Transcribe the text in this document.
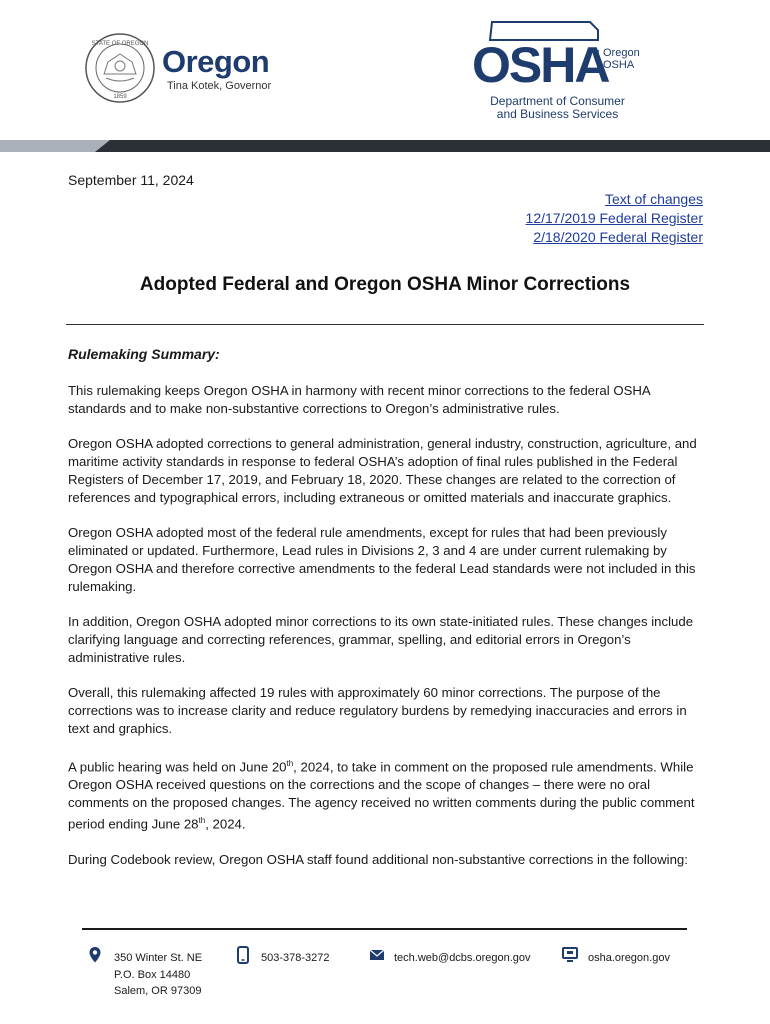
STATE OF OREGON
1859
Oregon
Tina Kotek, Governor	OSHA
Oregon
OSHA
Department of Consumer
and Business Services
September 11, 2024
Text of changes
12/17/2019 Federal Register
2/18/2020 Federal Register
Adopted Federal and Oregon OSHA Minor Corrections
Rulemaking Summary:

This rulemaking keeps Oregon OSHA in harmony with recent minor corrections to the federal OSHA standards and to make non-substantive corrections to Oregon’s administrative rules.

Oregon OSHA adopted corrections to general administration, general industry, construction, agriculture, and maritime activity standards in response to federal OSHA’s adoption of final rules published in the Federal Registers of December 17, 2019, and February 18, 2020. These changes are related to the correction of references and typographical errors, including extraneous or omitted materials and inaccurate graphics.

Oregon OSHA adopted most of the federal rule amendments, except for rules that had been previously eliminated or updated. Furthermore, Lead rules in Divisions 2, 3 and 4 are under current rulemaking by Oregon OSHA and therefore corrective amendments to the federal Lead standards were not included in this rulemaking.

In addition, Oregon OSHA adopted minor corrections to its own state-initiated rules. These changes include clarifying language and correcting references, grammar, spelling, and editorial errors in Oregon’s administrative rules.

Overall, this rulemaking affected 19 rules with approximately 60 minor corrections. The purpose of the corrections was to increase clarity and reduce regulatory burdens by remedying inaccuracies and errors in text and graphics.

A public hearing was held on June 20th, 2024, to take in comment on the proposed rule amendments. While Oregon OSHA received questions on the corrections and the scope of changes – there were no oral comments on the proposed changes. The agency received no written comments during the public comment period ending June 28th, 2024.

During Codebook review, Oregon OSHA staff found additional non-substantive corrections in the following:

350 Winter St. NE
P.O. Box 14480
Salem, OR 97309
503-378-3272	tech.web@dcbs.oregon.gov	osha.oregon.gov
